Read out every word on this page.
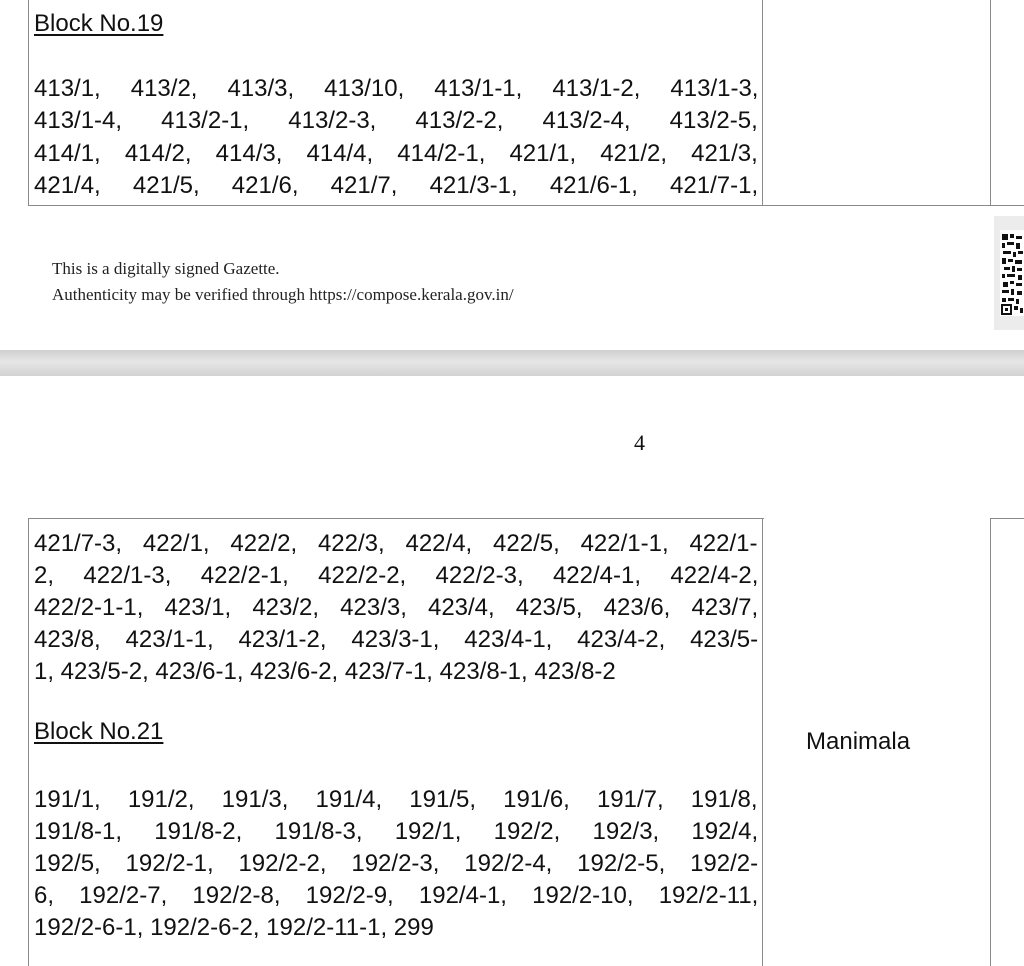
Block No.19
413/1, 413/2, 413/3, 413/10, 413/1-1, 413/1-2, 413/1-3,
413/1-4, 413/2-1, 413/2-3, 413/2-2, 413/2-4, 413/2-5,
414/1, 414/2, 414/3, 414/4, 414/2-1, 421/1, 421/2, 421/3,
421/4, 421/5, 421/6, 421/7, 421/3-1, 421/6-1, 421/7-1,
This is a digitally signed Gazette.
Authenticity may be verified through https://compose.kerala.gov.in/
4
421/7-3, 422/1, 422/2, 422/3, 422/4, 422/5, 422/1-1, 422/1-
2, 422/1-3, 422/2-1, 422/2-2, 422/2-3, 422/4-1, 422/4-2,
422/2-1-1, 423/1, 423/2, 423/3, 423/4, 423/5, 423/6, 423/7,
423/8, 423/1-1, 423/1-2, 423/3-1, 423/4-1, 423/4-2, 423/5-
1, 423/5-2, 423/6-1, 423/6-2, 423/7-1, 423/8-1, 423/8-2
Block No.21
191/1, 191/2, 191/3, 191/4, 191/5, 191/6, 191/7, 191/8,
191/8-1, 191/8-2, 191/8-3, 192/1, 192/2, 192/3, 192/4,
192/5, 192/2-1, 192/2-2, 192/2-3, 192/2-4, 192/2-5, 192/2-
6, 192/2-7, 192/2-8, 192/2-9, 192/4-1, 192/2-10, 192/2-11,
192/2-6-1, 192/2-6-2, 192/2-11-1, 299
Manimala
